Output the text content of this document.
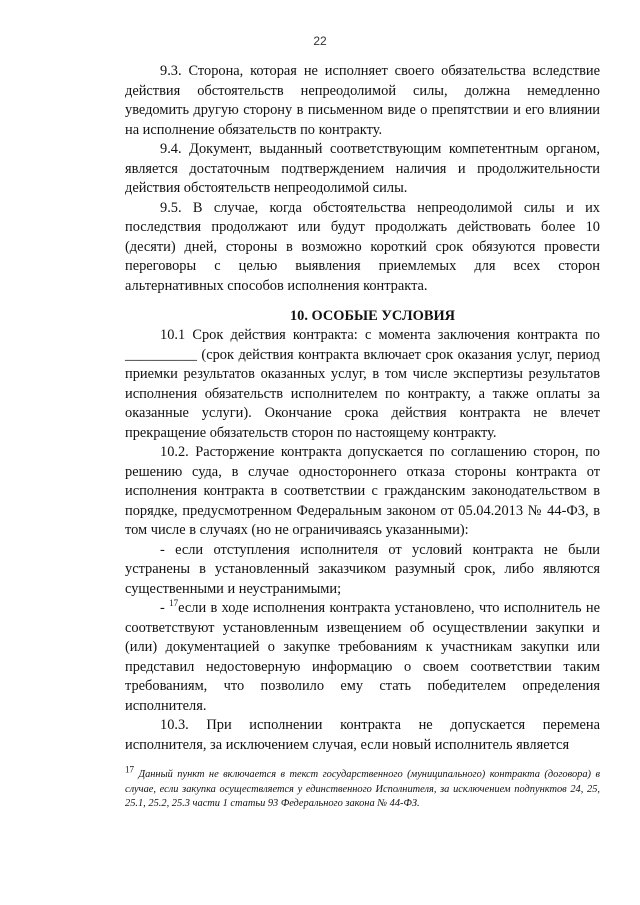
22

9.3. Сторона, которая не исполняет своего обязательства вследствие действия обстоятельств непреодолимой силы, должна немедленно уведомить другую сторону в письменном виде о препятствии и его влиянии на исполнение обязательств по контракту.

9.4. Документ, выданный соответствующим компетентным органом, является достаточным подтверждением наличия и продолжительности действия обстоятельств непреодолимой силы.

9.5. В случае, когда обстоятельства непреодолимой силы и их последствия продолжают или будут продолжать действовать более 10 (десяти) дней, стороны в возможно короткий срок обязуются провести переговоры с целью выявления приемлемых для всех сторон альтернативных способов исполнения контракта.

10. ОСОБЫЕ УСЛОВИЯ

10.1 Срок действия контракта: с момента заключения контракта по __________ (срок действия контракта включает срок оказания услуг, период приемки результатов оказанных услуг, в том числе экспертизы результатов исполнения обязательств исполнителем по контракту, а также оплаты за оказанные услуги). Окончание срока действия контракта не влечет прекращение обязательств сторон по настоящему контракту.

10.2. Расторжение контракта допускается по соглашению сторон, по решению суда, в случае одностороннего отказа стороны контракта от исполнения контракта в соответствии с гражданским законодательством в порядке, предусмотренном Федеральным законом от 05.04.2013 № 44-ФЗ, в том числе в случаях (но не ограничиваясь указанными):

- если отступления исполнителя от условий контракта не были устранены в установленный заказчиком разумный срок, либо являются существенными и неустранимыми;

- $^{17}$если в ходе исполнения контракта установлено, что исполнитель не соответствуют установленным извещением об осуществлении закупки и (или) документацией о закупке требованиям к участникам закупки или представил недостоверную информацию о своем соответствии таким требованиям, что позволило ему стать победителем определения исполнителя.

10.3. При исполнении контракта не допускается перемена исполнителя, за исключением случая, если новый исполнитель является

$^{17}$ Данный пункт не включается в текст государственного (муниципального) контракта (договора) в случае, если закупка осуществляется у единственного Исполнителя, за исключением подпунктов 24, 25, 25.1, 25.2, 25.3 части 1 статьи 93 Федерального закона № 44-ФЗ.
